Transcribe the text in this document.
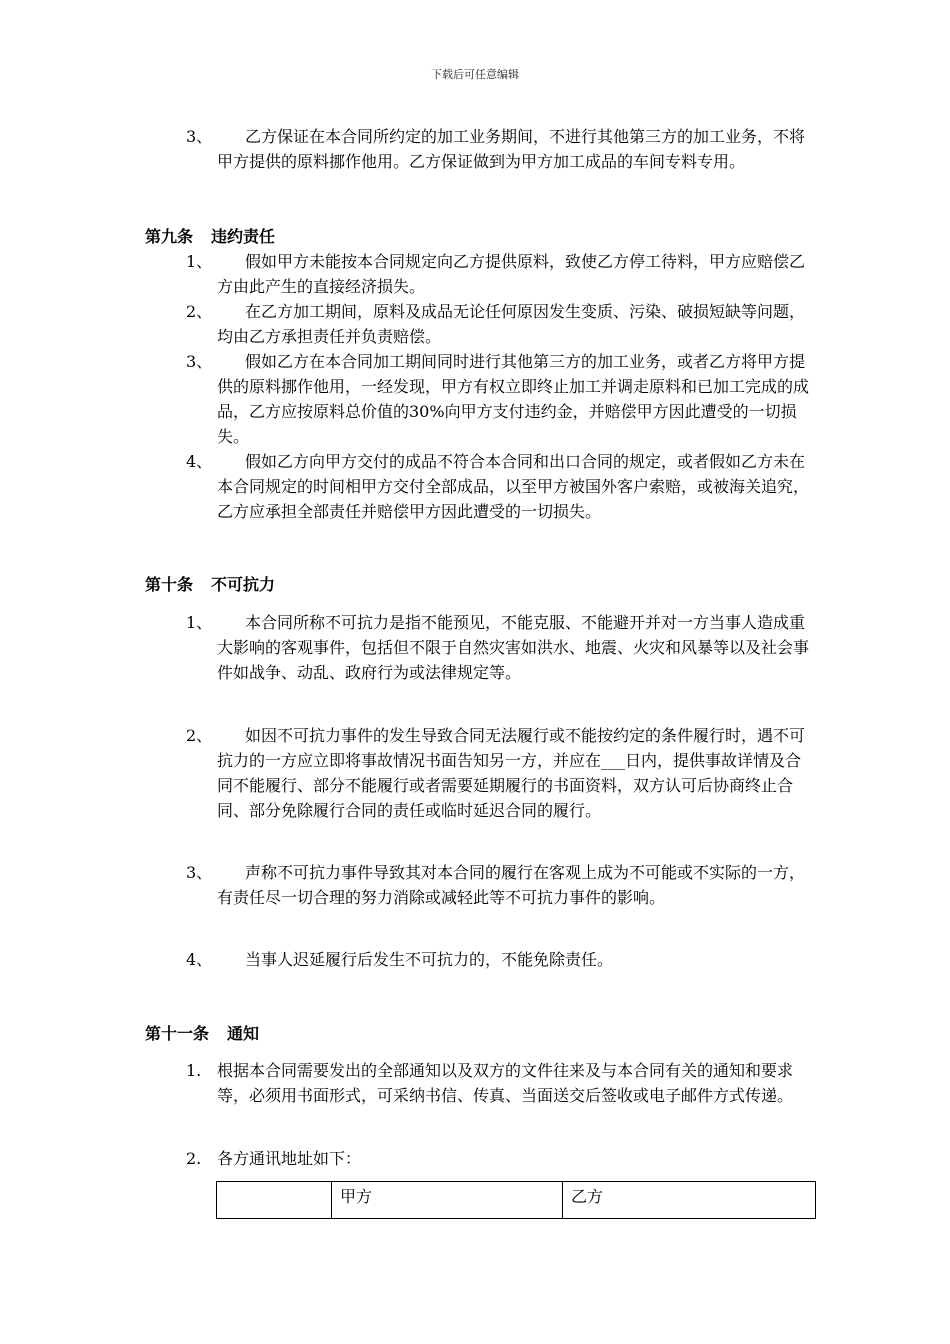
下载后可任意编辑
3、	乙方保证在本合同所约定的加工业务期间，不进行其他第三方的加工业务，不将甲方提供的原料挪作他用。乙方保证做到为甲方加工成品的车间专料专用。
第九条 违约责任
1、	假如甲方未能按本合同规定向乙方提供原料，致使乙方停工待料，甲方应赔偿乙方由此产生的直接经济损失。
2、	在乙方加工期间，原料及成品无论任何原因发生变质、污染、破损短缺等问题，均由乙方承担责任并负责赔偿。
3、	假如乙方在本合同加工期间同时进行其他第三方的加工业务，或者乙方将甲方提供的原料挪作他用，一经发现，甲方有权立即终止加工并调走原料和已加工完成的成品，乙方应按原料总价值的30%向甲方支付违约金，并赔偿甲方因此遭受的一切损失。
4、	假如乙方向甲方交付的成品不符合本合同和出口合同的规定，或者假如乙方未在本合同规定的时间相甲方交付全部成品，以至甲方被国外客户索赔，或被海关追究，乙方应承担全部责任并赔偿甲方因此遭受的一切损失。
第十条 不可抗力
1、	本合同所称不可抗力是指不能预见，不能克服、不能避开并对一方当事人造成重大影响的客观事件，包括但不限于自然灾害如洪水、地震、火灾和风暴等以及社会事件如战争、动乱、政府行为或法律规定等。
2、	如因不可抗力事件的发生导致合同无法履行或不能按约定的条件履行时，遇不可抗力的一方应立即将事故情况书面告知另一方，并应在___日内，提供事故详情及合同不能履行、部分不能履行或者需要延期履行的书面资料，双方认可后协商终止合同、部分免除履行合同的责任或临时延迟合同的履行。
3、	声称不可抗力事件导致其对本合同的履行在客观上成为不可能或不实际的一方，有责任尽一切合理的努力消除或减轻此等不可抗力事件的影响。
4、	当事人迟延履行后发生不可抗力的，不能免除责任。
第十一条 通知
1. 根据本合同需要发出的全部通知以及双方的文件往来及与本合同有关的通知和要求等，必须用书面形式，可采纳书信、传真、当面送交后签收或电子邮件方式传递。
2. 各方通讯地址如下：
	甲方	乙方
